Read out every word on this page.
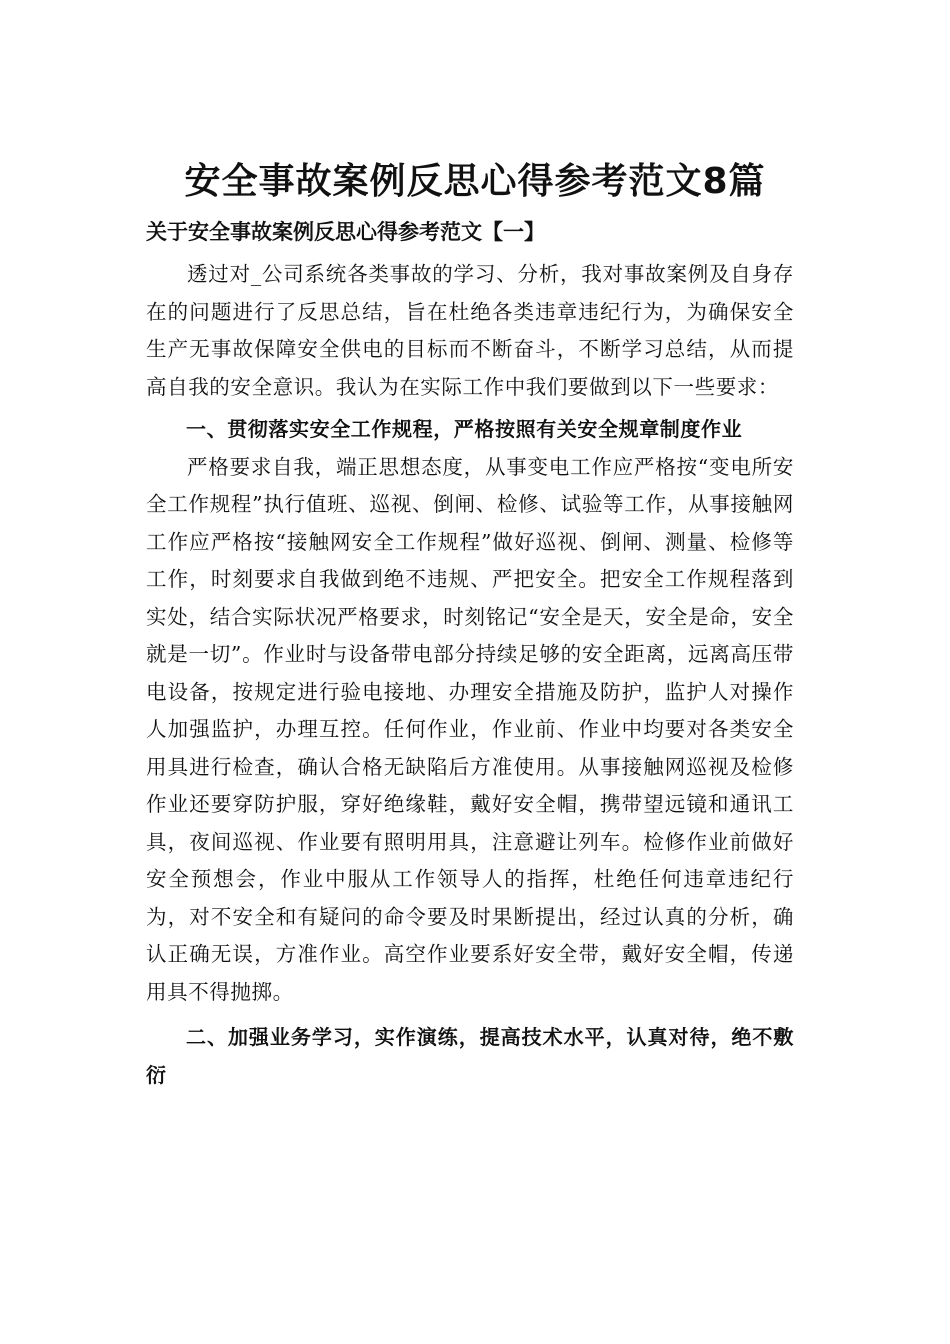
安全事故案例反思心得参考范文8篇

关于安全事故案例反思心得参考范文【一】

透过对_公司系统各类事故的学习、分析，我对事故案例及自身存在的问题进行了反思总结，旨在杜绝各类违章违纪行为，为确保安全生产无事故保障安全供电的目标而不断奋斗，不断学习总结，从而提高自我的安全意识。我认为在实际工作中我们要做到以下一些要求：

一、贯彻落实安全工作规程，严格按照有关安全规章制度作业

严格要求自我，端正思想态度，从事变电工作应严格按“变电所安全工作规程”执行值班、巡视、倒闸、检修、试验等工作，从事接触网工作应严格按“接触网安全工作规程”做好巡视、倒闸、测量、检修等工作，时刻要求自我做到绝不违规、严把安全。把安全工作规程落到实处，结合实际状况严格要求，时刻铭记“安全是天，安全是命，安全就是一切”。作业时与设备带电部分持续足够的安全距离，远离高压带电设备，按规定进行验电接地、办理安全措施及防护，监护人对操作人加强监护，办理互控。任何作业，作业前、作业中均要对各类安全用具进行检查，确认合格无缺陷后方准使用。从事接触网巡视及检修作业还要穿防护服，穿好绝缘鞋，戴好安全帽，携带望远镜和通讯工具，夜间巡视、作业要有照明用具，注意避让列车。检修作业前做好安全预想会，作业中服从工作领导人的指挥，杜绝任何违章违纪行为，对不安全和有疑问的命令要及时果断提出，经过认真的分析，确认正确无误，方准作业。高空作业要系好安全带，戴好安全帽，传递用具不得抛掷。

二、加强业务学习，实作演练，提高技术水平，认真对待，绝不敷衍
